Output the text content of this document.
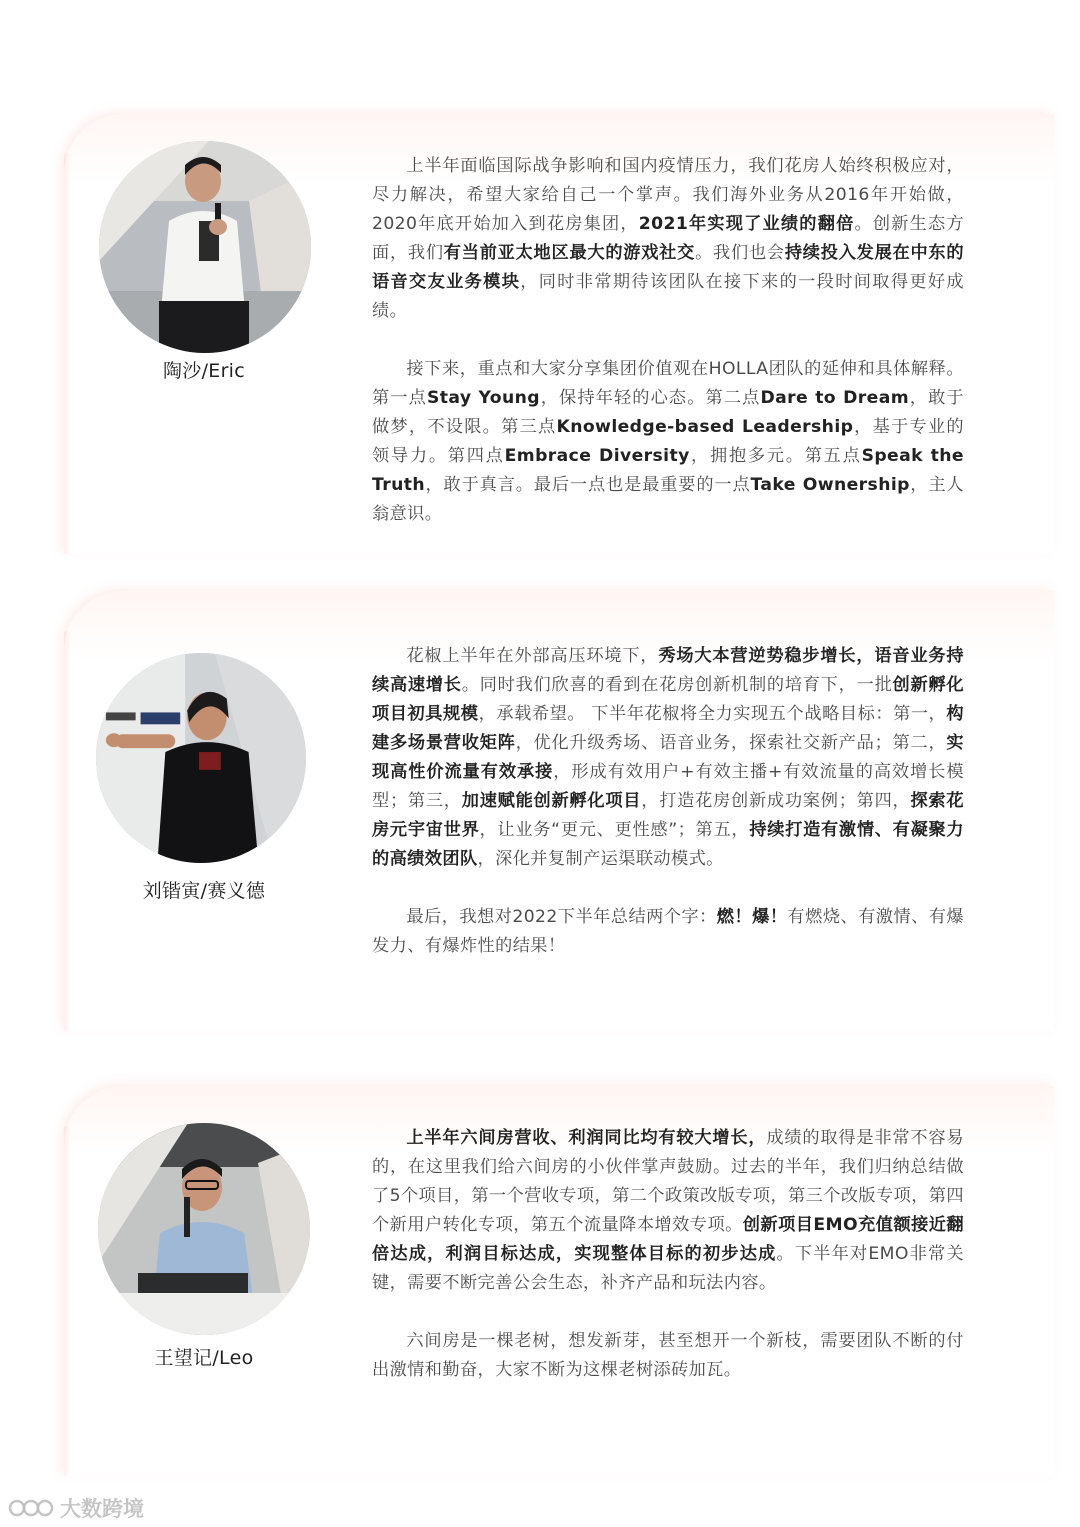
陶沙/Eric

上半年面临国际战争影响和国内疫情压力，我们花房人始终积极应对，尽力解决，希望大家给自己一个掌声。我们海外业务从2016年开始做，2020年底开始加入到花房集团，2021年实现了业绩的翻倍。创新生态方面，我们有当前亚太地区最大的游戏社交。我们也会持续投入发展在中东的语音交友业务模块，同时非常期待该团队在接下来的一段时间取得更好成绩。

接下来，重点和大家分享集团价值观在HOLLA团队的延伸和具体解释。第一点Stay Young，保持年轻的心态。第二点Dare to Dream，敢于做梦，不设限。第三点Knowledge-based Leadership，基于专业的领导力。第四点Embrace Diversity，拥抱多元。第五点Speak the Truth，敢于真言。最后一点也是最重要的一点Take Ownership，主人翁意识。

刘锴寅/赛义德

花椒上半年在外部高压环境下，秀场大本营逆势稳步增长，语音业务持续高速增长。同时我们欣喜的看到在花房创新机制的培育下，一批创新孵化项目初具规模，承载希望。 下半年花椒将全力实现五个战略目标：第一，构建多场景营收矩阵，优化升级秀场、语音业务，探索社交新产品；第二，实现高性价流量有效承接，形成有效用户+有效主播+有效流量的高效增长模型；第三，加速赋能创新孵化项目，打造花房创新成功案例；第四，探索花房元宇宙世界，让业务“更元、更性感”；第五，持续打造有激情、有凝聚力的高绩效团队，深化并复制产运渠联动模式。

最后，我想对2022下半年总结两个字：燃！爆！有燃烧、有激情、有爆发力、有爆炸性的结果！

王望记/Leo

上半年六间房营收、利润同比均有较大增长，成绩的取得是非常不容易的，在这里我们给六间房的小伙伴掌声鼓励。过去的半年，我们归纳总结做了5个项目，第一个营收专项，第二个政策改版专项，第三个改版专项，第四个新用户转化专项，第五个流量降本增效专项。创新项目EMO充值额接近翻倍达成，利润目标达成，实现整体目标的初步达成。下半年对EMO非常关键，需要不断完善公会生态，补齐产品和玩法内容。

六间房是一棵老树，想发新芽，甚至想开一个新枝，需要团队不断的付出激情和勤奋，大家不断为这棵老树添砖加瓦。

大数跨境
